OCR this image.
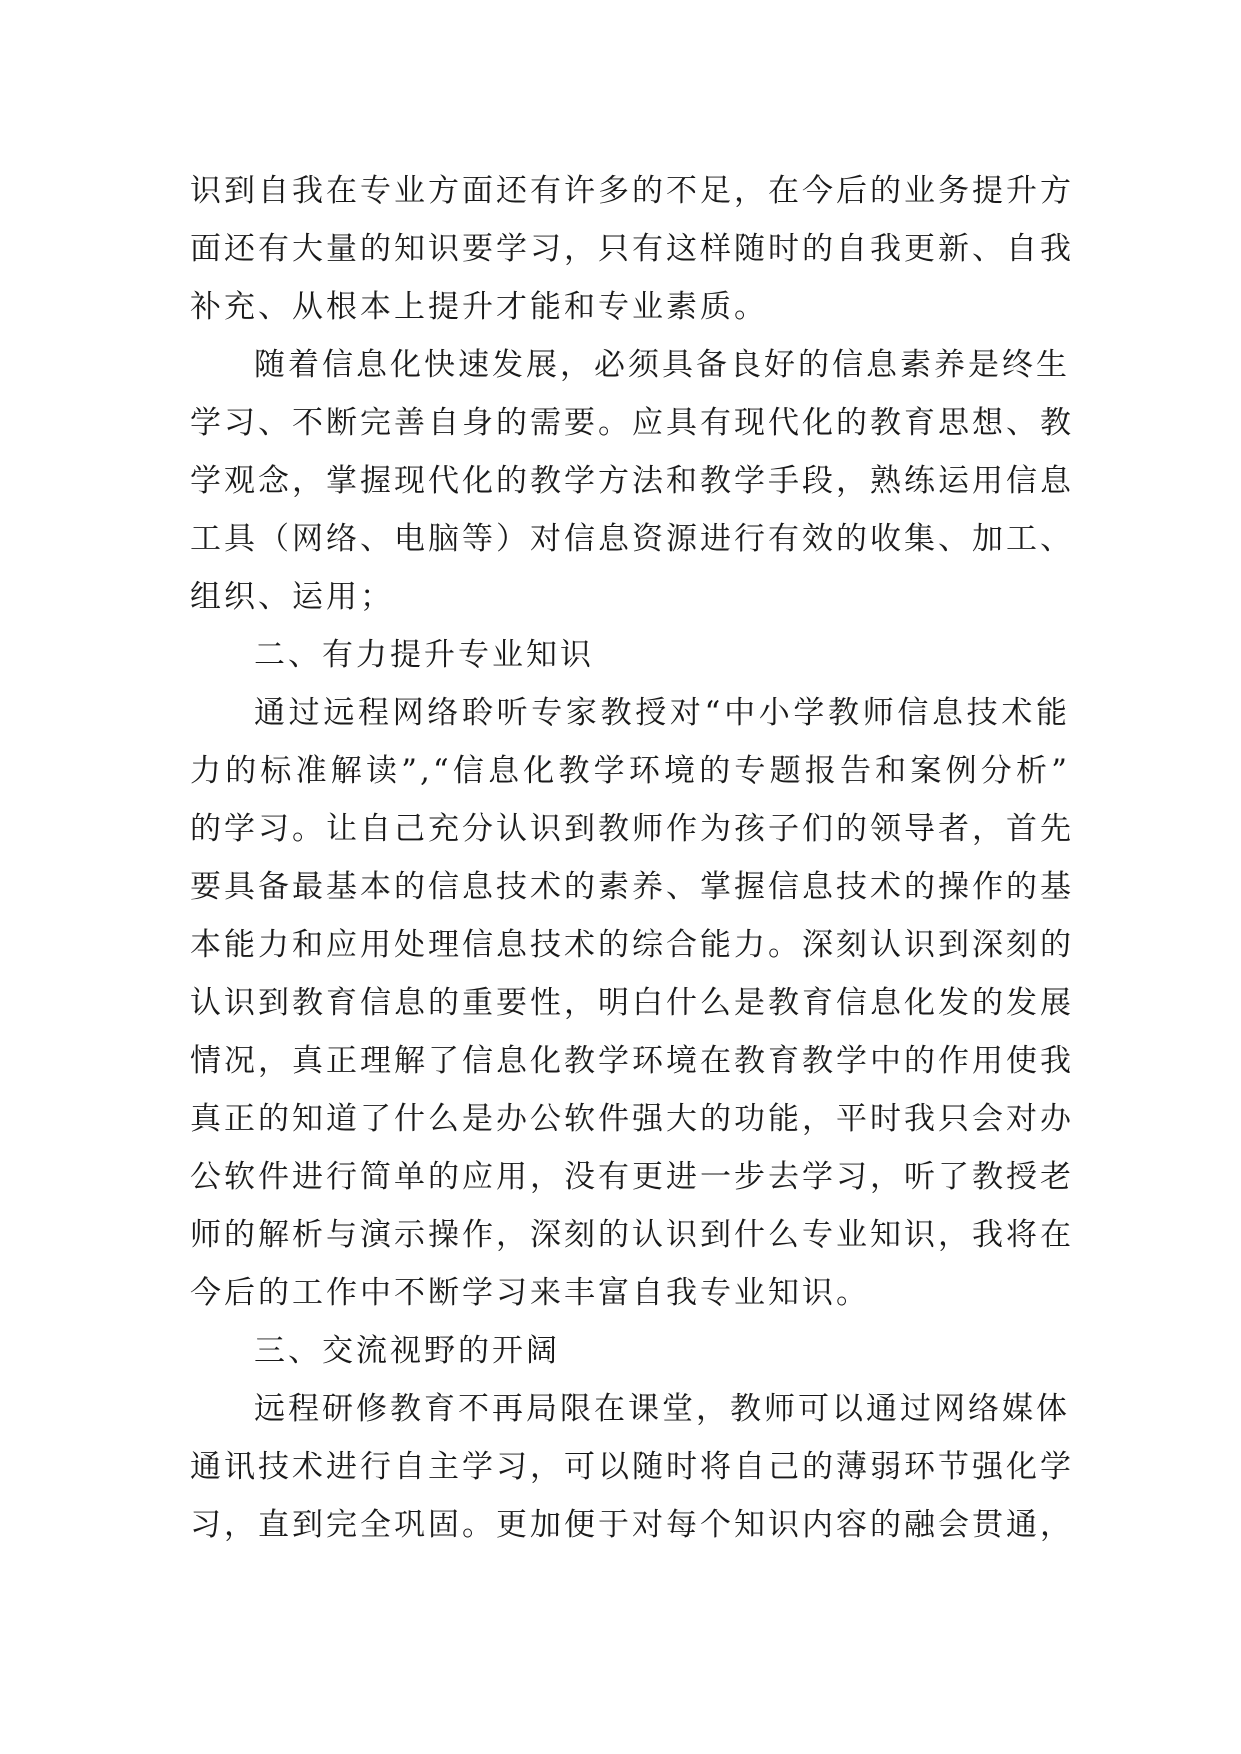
识到自我在专业方面还有许多的不足，在今后的业务提升方
面还有大量的知识要学习，只有这样随时的自我更新、自我
补充、从根本上提升才能和专业素质。
随着信息化快速发展，必须具备良好的信息素养是终生
学习、不断完善自身的需要。应具有现代化的教育思想、教
学观念，掌握现代化的教学方法和教学手段，熟练运用信息
工具（网络、电脑等）对信息资源进行有效的收集、加工、
组织、运用；
二、有力提升专业知识
通过远程网络聆听专家教授对“中小学教师信息技术能
力的标准解读”,“信息化教学环境的专题报告和案例分析”
的学习。让自己充分认识到教师作为孩子们的领导者，首先
要具备最基本的信息技术的素养、掌握信息技术的操作的基
本能力和应用处理信息技术的综合能力。深刻认识到深刻的
认识到教育信息的重要性，明白什么是教育信息化发的发展
情况，真正理解了信息化教学环境在教育教学中的作用使我
真正的知道了什么是办公软件强大的功能，平时我只会对办
公软件进行简单的应用，没有更进一步去学习，听了教授老
师的解析与演示操作，深刻的认识到什么专业知识，我将在
今后的工作中不断学习来丰富自我专业知识。
三、交流视野的开阔
远程研修教育不再局限在课堂，教师可以通过网络媒体
通讯技术进行自主学习，可以随时将自己的薄弱环节强化学
习，直到完全巩固。更加便于对每个知识内容的融会贯通，
